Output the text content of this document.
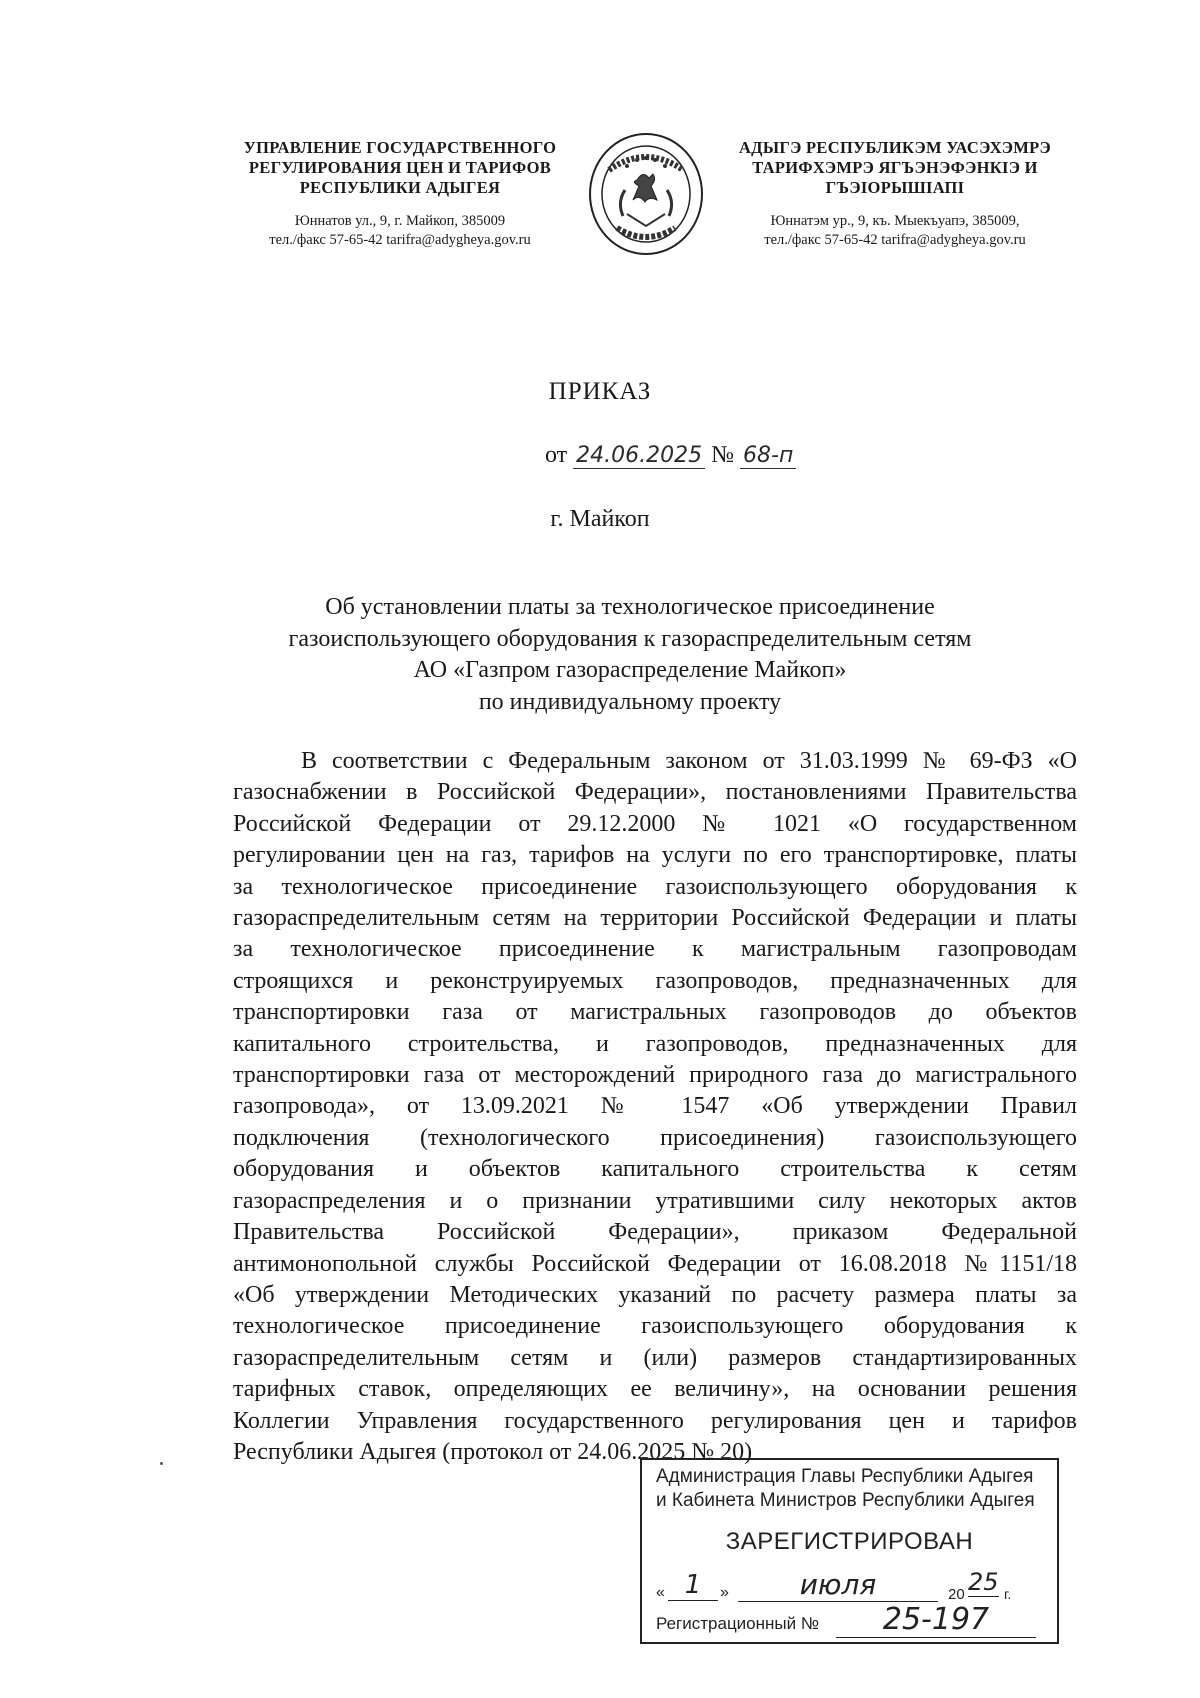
УПРАВЛЕНИЕ ГОСУДАРСТВЕННОГО
РЕГУЛИРОВАНИЯ ЦЕН И ТАРИФОВ
РЕСПУБЛИКИ АДЫГЕЯ
Юннатов ул., 9, г. Майкоп, 385009
тел./факс 57-65-42 tarifra@adygheya.gov.ru
АДЫГЭ РЕСПУБЛИКЭМ УАСЭХЭМРЭ
ТАРИФХЭМРЭ ЯГЪЭНЭФЭНКIЭ И
ГЪЭIОРЫШIАПI
Юннатэм ур., 9, къ. Мыекъуапэ, 385009,
тел./факс 57-65-42 tarifra@adygheya.gov.ru
ПРИКАЗ
от 24.06.2025 № 68-п
г. Майкоп
Об установлении платы за технологическое присоединение
газоиспользующего оборудования к газораспределительным сетям
АО «Газпром газораспределение Майкоп»
по индивидуальному проекту
В соответствии с Федеральным законом от 31.03.1999 № 69-ФЗ «О
газоснабжении в Российской Федерации», постановлениями Правительства
Российской Федерации от 29.12.2000 № 1021 «О государственном
регулировании цен на газ, тарифов на услуги по его транспортировке, платы
за технологическое присоединение газоиспользующего оборудования к
газораспределительным сетям на территории Российской Федерации и платы
за технологическое присоединение к магистральным газопроводам
строящихся и реконструируемых газопроводов, предназначенных для
транспортировки газа от магистральных газопроводов до объектов
капитального строительства, и газопроводов, предназначенных для
транспортировки газа от месторождений природного газа до магистрального
газопровода», от 13.09.2021 № 1547 «Об утверждении Правил
подключения (технологического присоединения) газоиспользующего
оборудования и объектов капитального строительства к сетям
газораспределения и о признании утратившими силу некоторых актов
Правительства Российской Федерации», приказом Федеральной
антимонопольной службы Российской Федерации от 16.08.2018 №1151/18
«Об утверждении Методических указаний по расчету размера платы за
технологическое присоединение газоиспользующего оборудования к
газораспределительным сетям и (или) размеров стандартизированных
тарифных ставок, определяющих ее величину», на основании решения
Коллегии Управления государственного регулирования цен и тарифов
Республики Адыгея (протокол от 24.06.2025 № 20)
Администрация Главы Республики Адыгея
и Кабинета Министров Республики Адыгея
ЗАРЕГИСТРИРОВАН
« 1	»	июля	20 25 г.
Регистрационный №	25-197
